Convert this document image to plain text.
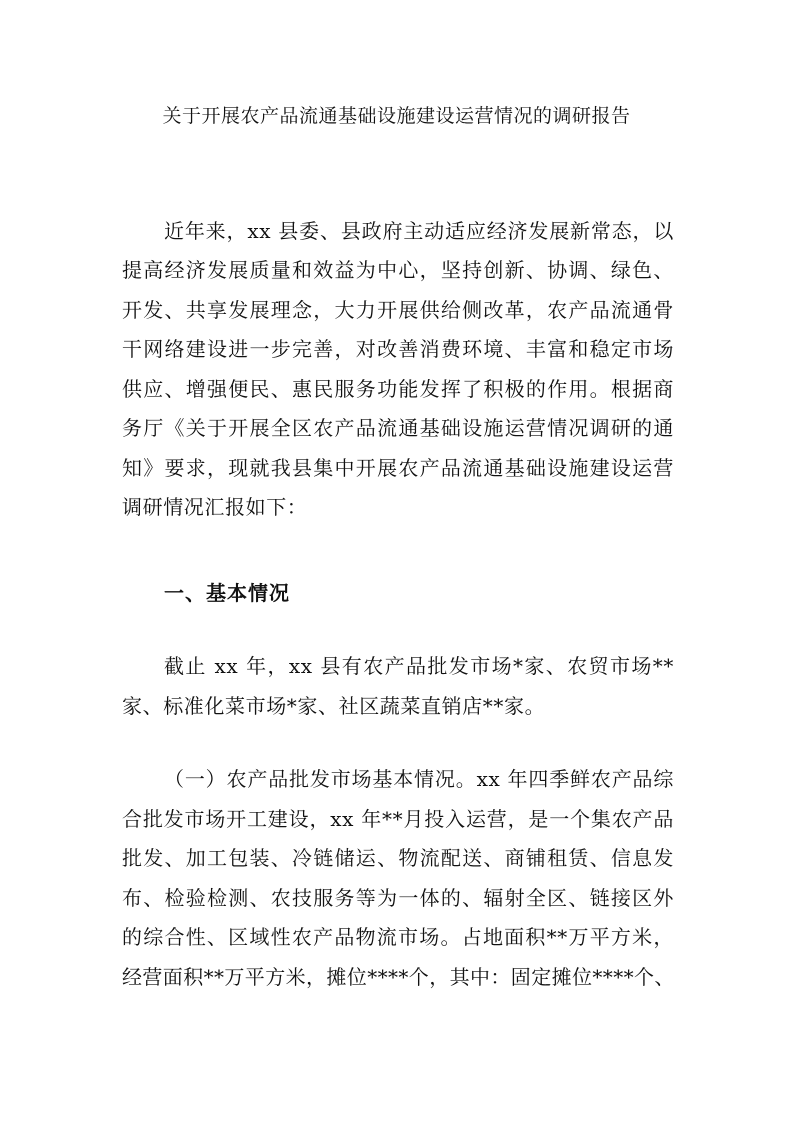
关于开展农产品流通基础设施建设运营情况的调研报告
近年来，xx 县委、县政府主动适应经济发展新常态，以
提高经济发展质量和效益为中心，坚持创新、协调、绿色、
开发、共享发展理念，大力开展供给侧改革，农产品流通骨
干网络建设进一步完善，对改善消费环境、丰富和稳定市场
供应、增强便民、惠民服务功能发挥了积极的作用。根据商
务厅《关于开展全区农产品流通基础设施运营情况调研的通
知》要求，现就我县集中开展农产品流通基础设施建设运营
调研情况汇报如下：
一、基本情况
截止 xx 年，xx 县有农产品批发市场*家、农贸市场**
家、标准化菜市场*家、社区蔬菜直销店**家。
（一）农产品批发市场基本情况。xx 年四季鲜农产品综
合批发市场开工建设，xx 年**月投入运营，是一个集农产品
批发、加工包装、冷链储运、物流配送、商铺租赁、信息发
布、检验检测、农技服务等为一体的、辐射全区、链接区外
的综合性、区域性农产品物流市场。占地面积**万平方米，
经营面积**万平方米，摊位****个，其中：固定摊位****个、
